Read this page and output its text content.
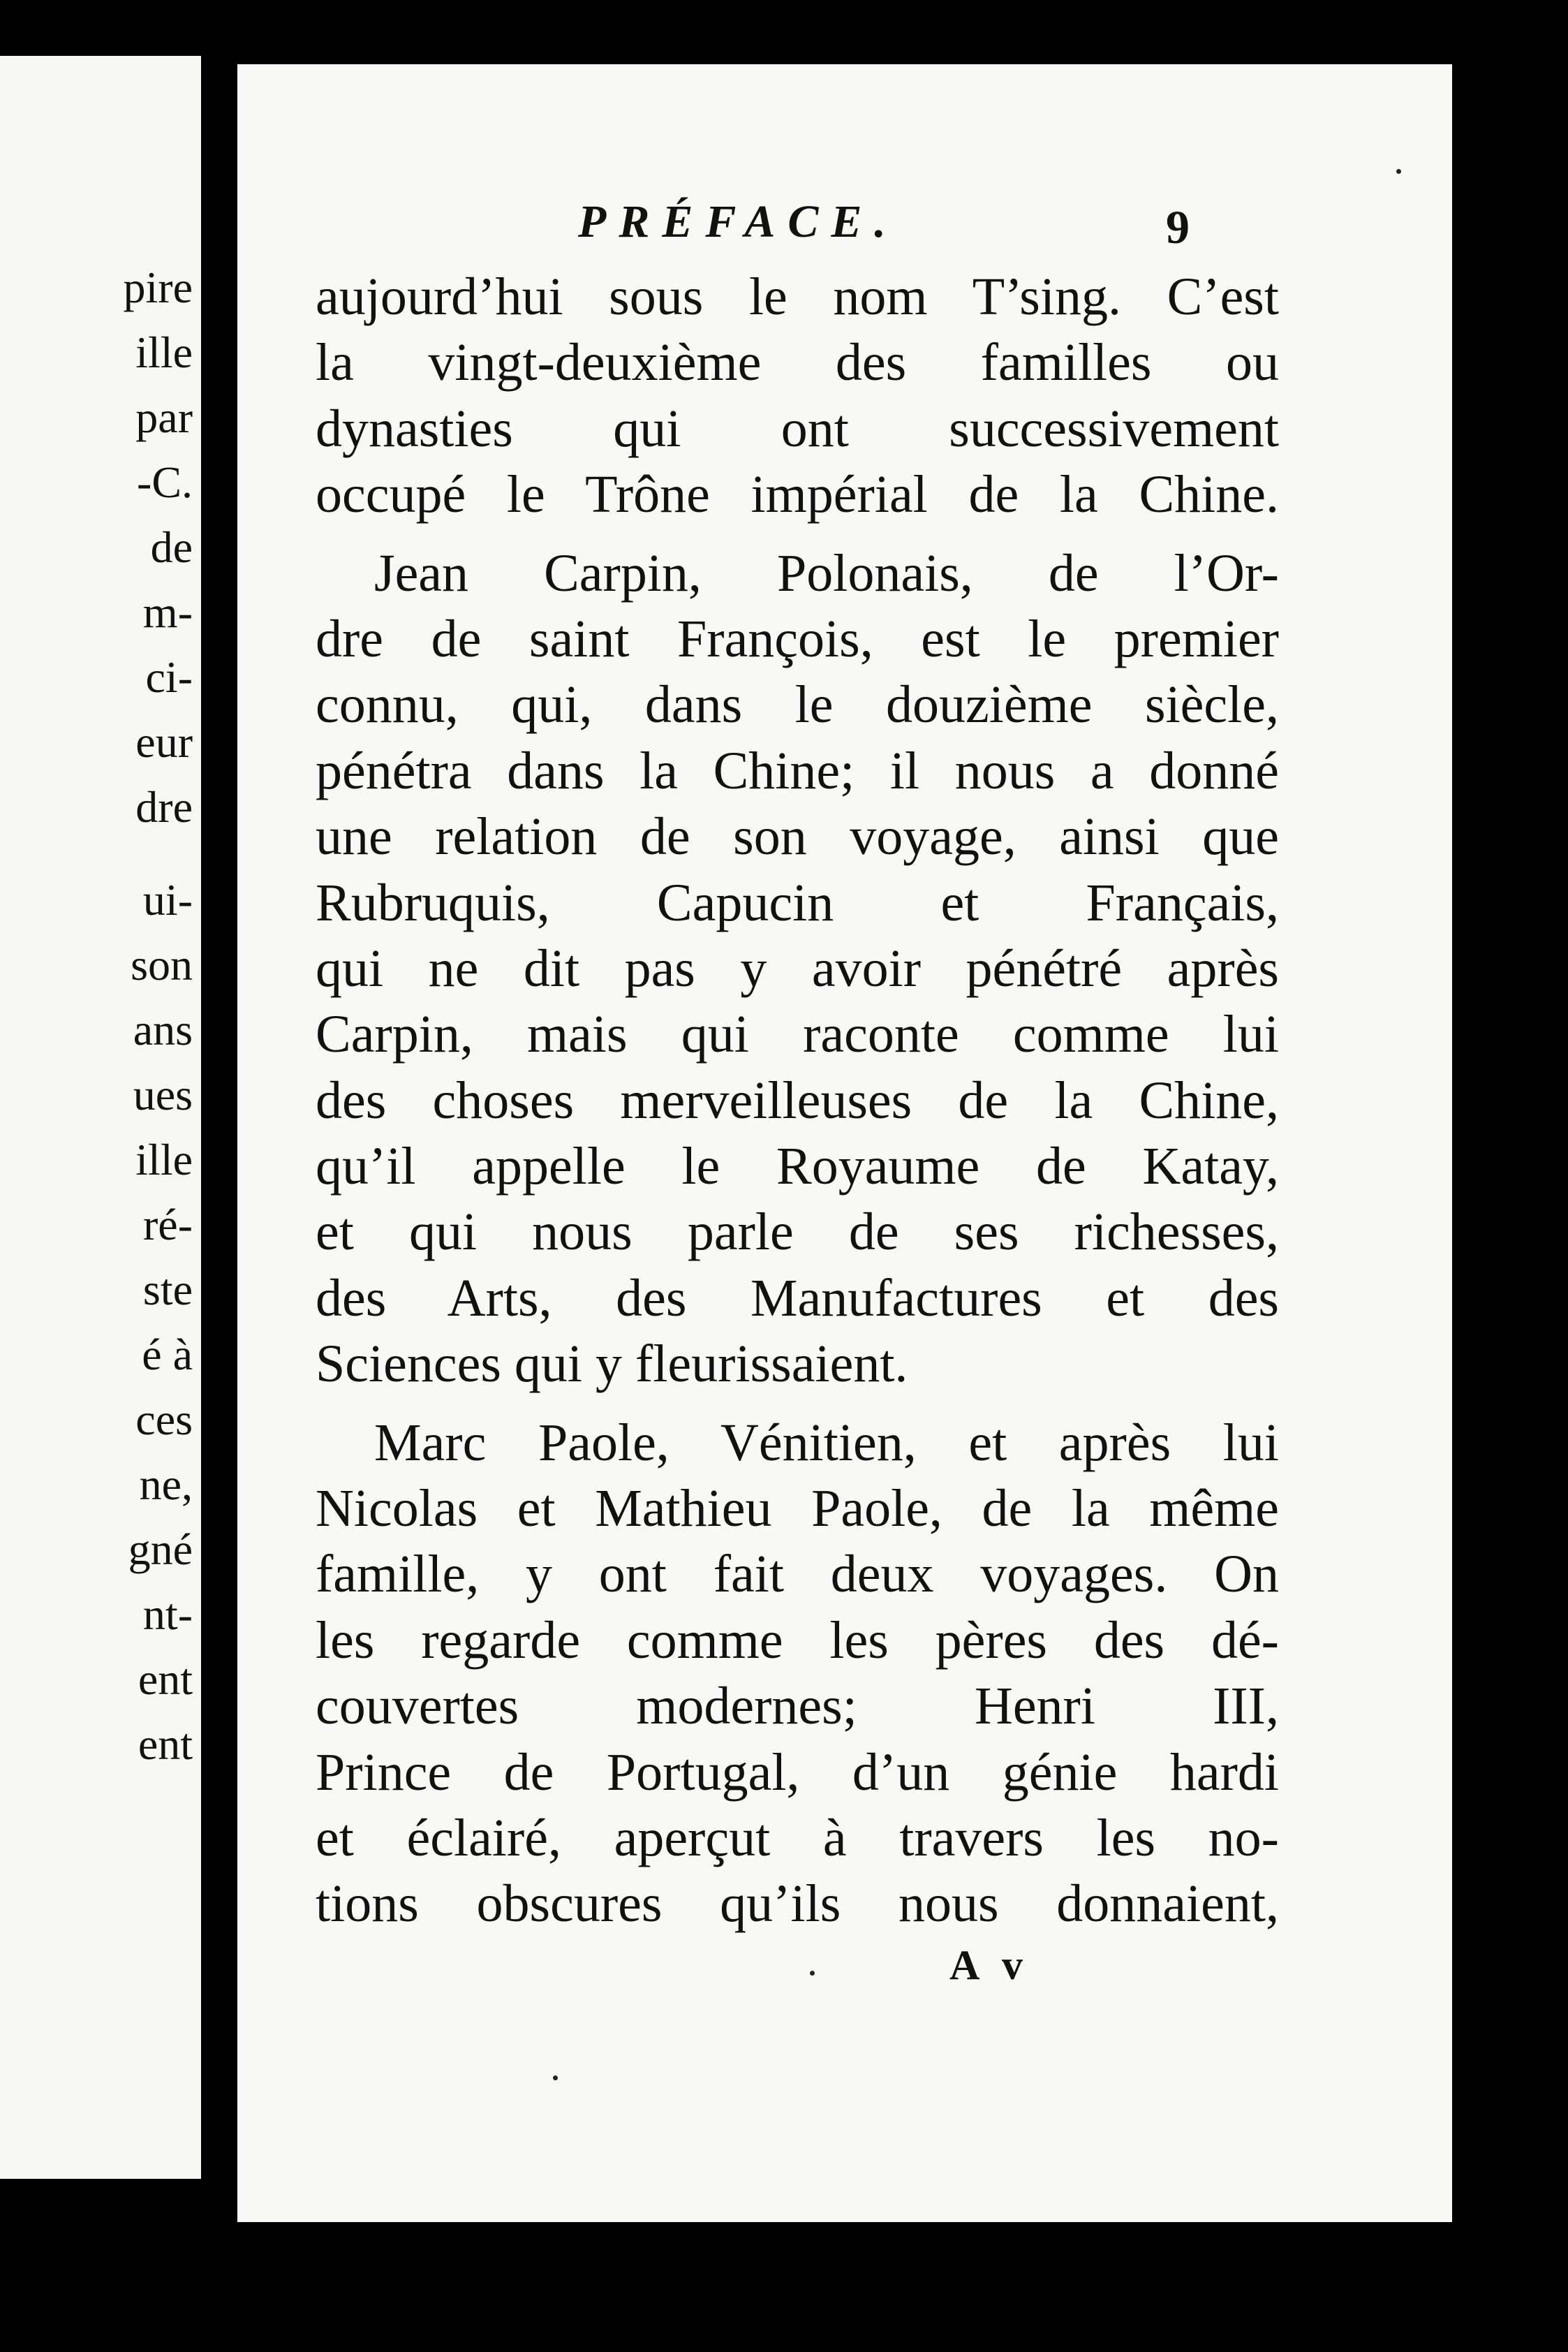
pire
ille
par
-C.
de
m-
ci-
eur
dre
ui-
son
ans
ues
ille
ré-
ste
é à
ces
ne,
gné
nt-
ent
ent
PRÉFACE.	9
aujourd’hui sous le nom T’sing. C’est
la vingt-deuxième des familles ou
dynasties qui ont successivement
occupé le Trône impérial de la Chine.
Jean Carpin, Polonais, de l’Or-
dre de saint François, est le premier
connu, qui, dans le douzième siècle,
pénétra dans la Chine; il nous a donné
une relation de son voyage, ainsi que
Rubruquis, Capucin et Français,
qui ne dit pas y avoir pénétré après
Carpin, mais qui raconte comme lui
des choses merveilleuses de la Chine,
qu’il appelle le Royaume de Katay,
et qui nous parle de ses richesses,
des Arts, des Manufactures et des
Sciences qui y fleurissaient.
Marc Paole, Vénitien, et après lui
Nicolas et Mathieu Paole, de la même
famille, y ont fait deux voyages. On
les regarde comme les pères des dé-
couvertes modernes; Henri III,
Prince de Portugal, d’un génie hardi
et éclairé, aperçut à travers les no-
tions obscures qu’ils nous donnaient,
A v
